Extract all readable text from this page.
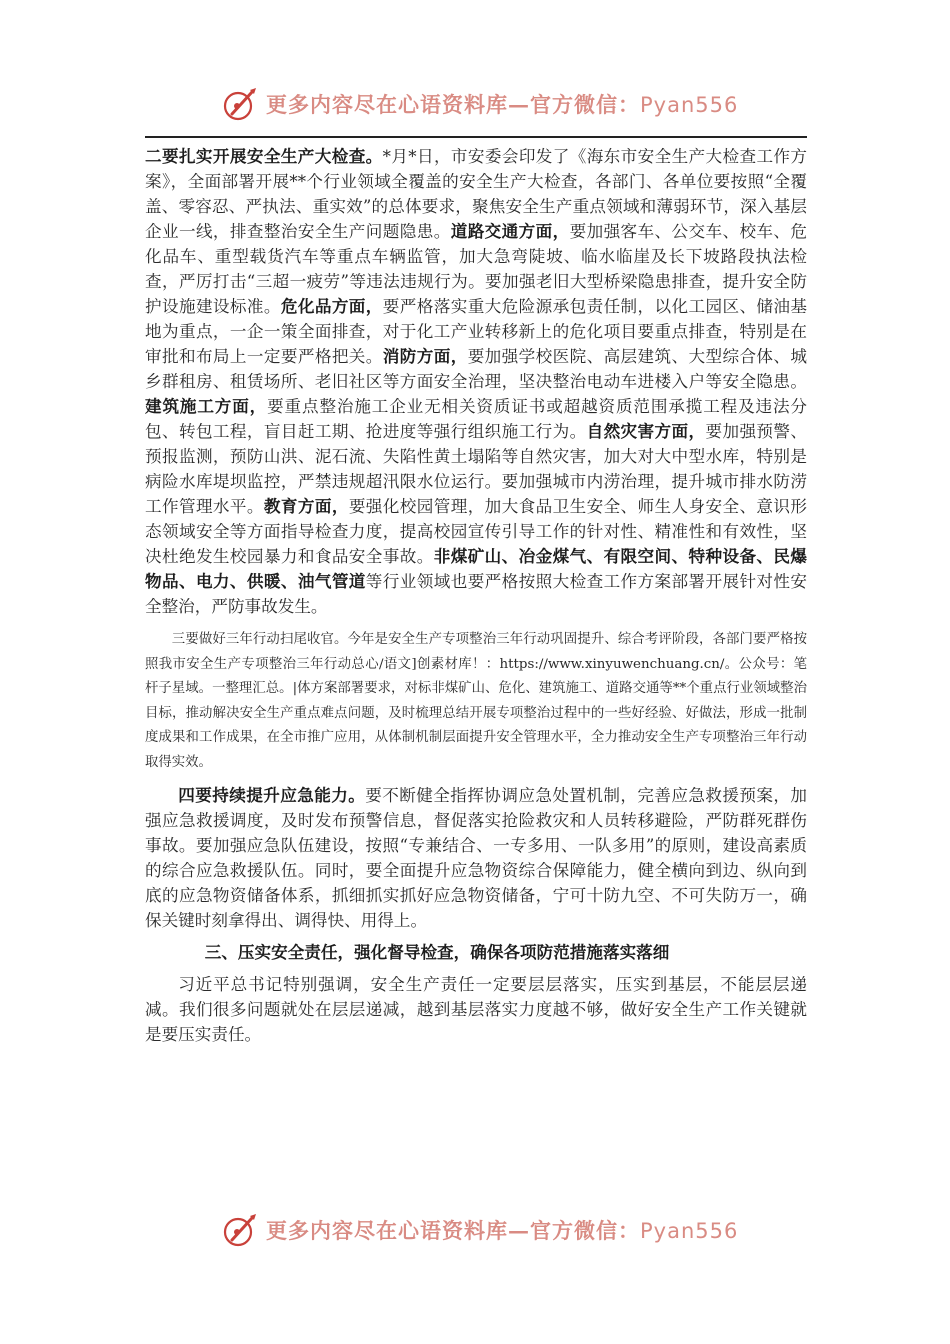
更多内容尽在心语资料库—官方微信：Pyan556

二要扎实开展安全生产大检查。*月*日，市安委会印发了《海东市安全生产大检查工作方案》，全面部署开展**个行业领域全覆盖的安全生产大检查，各部门、各单位要按照“全覆盖、零容忍、严执法、重实效”的总体要求，聚焦安全生产重点领域和薄弱环节，深入基层企业一线，排查整治安全生产问题隐患。道路交通方面，要加强客车、公交车、校车、危化品车、重型载货汽车等重点车辆监管，加大急弯陡坡、临水临崖及长下坡路段执法检查，严厉打击“三超一疲劳”等违法违规行为。要加强老旧大型桥梁隐患排查，提升安全防护设施建设标准。危化品方面，要严格落实重大危险源承包责任制，以化工园区、储油基地为重点，一企一策全面排查，对于化工产业转移新上的危化项目要重点排查，特别是在审批和布局上一定要严格把关。消防方面，要加强学校医院、高层建筑、大型综合体、城乡群租房、租赁场所、老旧社区等方面安全治理，坚决整治电动车进楼入户等安全隐患。建筑施工方面，要重点整治施工企业无相关资质证书或超越资质范围承揽工程及违法分包、转包工程，盲目赶工期、抢进度等强行组织施工行为。自然灾害方面，要加强预警、预报监测，预防山洪、泥石流、失陷性黄土塌陷等自然灾害，加大对大中型水库，特别是病险水库堤坝监控，严禁违规超汛限水位运行。要加强城市内涝治理，提升城市排水防涝工作管理水平。教育方面，要强化校园管理，加大食品卫生安全、师生人身安全、意识形态领域安全等方面指导检查力度，提高校园宣传引导工作的针对性、精准性和有效性，坚决杜绝发生校园暴力和食品安全事故。非煤矿山、冶金煤气、有限空间、特种设备、民爆物品、电力、供暖、油气管道等行业领域也要严格按照大检查工作方案部署开展针对性安全整治，严防事故发生。

三要做好三年行动扫尾收官。今年是安全生产专项整治三年行动巩固提升、综合考评阶段，各部门要严格按照我市安全生产专项整治三年行动总心/语文]创素材库！：https://www.xinyuwenchuang.cn/。公众号：笔杆子星域。一整理汇总。|体方案部署要求，对标非煤矿山、危化、建筑施工、道路交通等**个重点行业领域整治目标，推动解决安全生产重点难点问题，及时梳理总结开展专项整治过程中的一些好经验、好做法，形成一批制度成果和工作成果，在全市推广应用，从体制机制层面提升安全管理水平，全力推动安全生产专项整治三年行动取得实效。

四要持续提升应急能力。要不断健全指挥协调应急处置机制，完善应急救援预案，加强应急救援调度，及时发布预警信息，督促落实抢险救灾和人员转移避险，严防群死群伤事故。要加强应急队伍建设，按照“专兼结合、一专多用、一队多用”的原则，建设高素质的综合应急救援队伍。同时，要全面提升应急物资综合保障能力，健全横向到边、纵向到底的应急物资储备体系，抓细抓实抓好应急物资储备，宁可十防九空、不可失防万一，确保关键时刻拿得出、调得快、用得上。

三、压实安全责任，强化督导检查，确保各项防范措施落实落细

习近平总书记特别强调，安全生产责任一定要层层落实，压实到基层，不能层层递减。我们很多问题就处在层层递减，越到基层落实力度越不够，做好安全生产工作关键就是要压实责任。

更多内容尽在心语资料库—官方微信：Pyan556
